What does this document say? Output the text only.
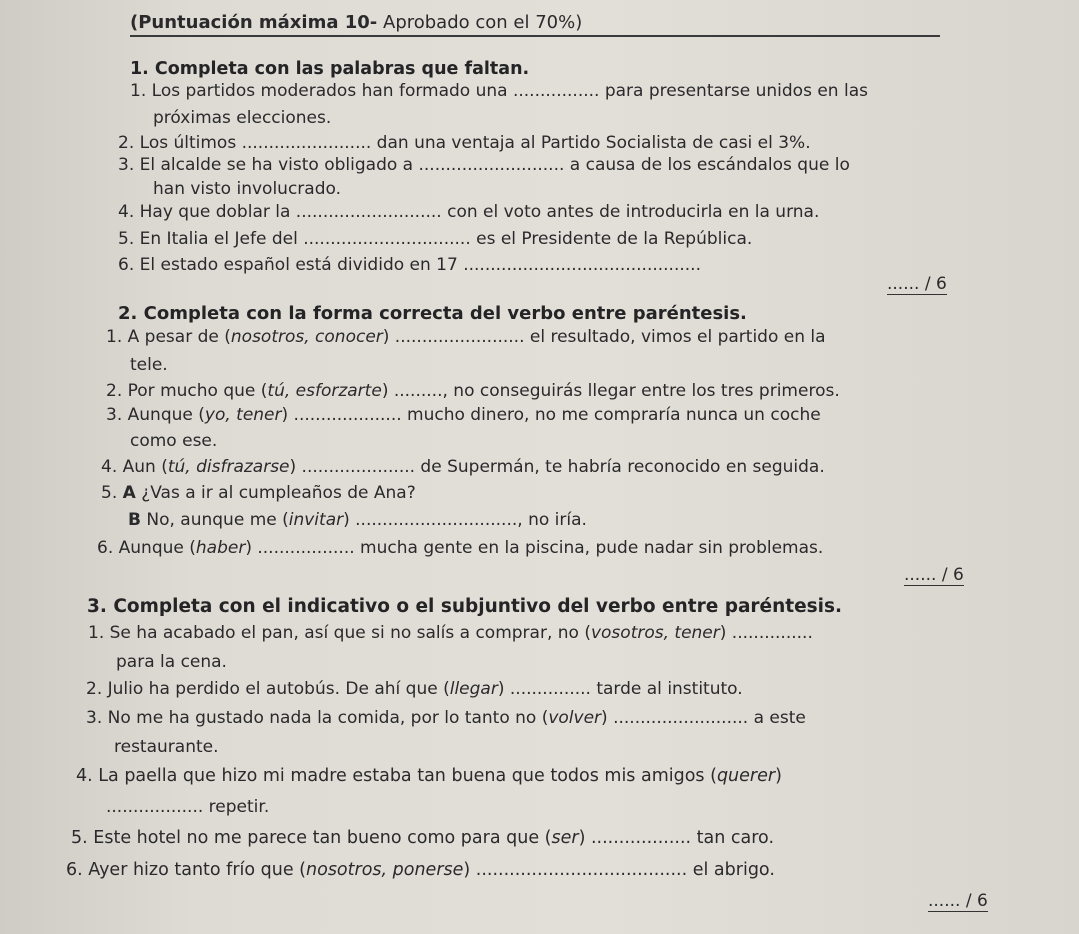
(Puntuación máxima 10- Aprobado con el 70%)
1. Completa con las palabras que faltan.
1. Los partidos moderados han formado una ................ para presentarse unidos en las
próximas elecciones.
2. Los últimos ........................ dan una ventaja al Partido Socialista de casi el 3%.
3. El alcalde se ha visto obligado a ........................... a causa de los escándalos que lo
han visto involucrado.
4. Hay que doblar la ........................... con el voto antes de introducirla en la urna.
5. En Italia el Jefe del ............................... es el Presidente de la República.
6. El estado español está dividido en 17 ............................................
...... / 6
2. Completa con la forma correcta del verbo entre paréntesis.
1. A pesar de (nosotros, conocer) ........................ el resultado, vimos el partido en la
tele.
2. Por mucho que (tú, esforzarte) ........., no conseguirás llegar entre los tres primeros.
3. Aunque (yo, tener) .................... mucho dinero, no me compraría nunca un coche
como ese.
4. Aun (tú, disfrazarse) ..................... de Supermán, te habría reconocido en seguida.
5. A ¿Vas a ir al cumpleaños de Ana?
B No, aunque me (invitar) .............................., no iría.
6. Aunque (haber) .................. mucha gente en la piscina, pude nadar sin problemas.
...... / 6
3. Completa con el indicativo o el subjuntivo del verbo entre paréntesis.
1. Se ha acabado el pan, así que si no salís a comprar, no (vosotros, tener) ...............
para la cena.
2. Julio ha perdido el autobús. De ahí que (llegar) ............... tarde al instituto.
3. No me ha gustado nada la comida, por lo tanto no (volver) ......................... a este
restaurante.
4. La paella que hizo mi madre estaba tan buena que todos mis amigos (querer)
.................. repetir.
5. Este hotel no me parece tan bueno como para que (ser) .................. tan caro.
6. Ayer hizo tanto frío que (nosotros, ponerse) ...................................... el abrigo.
...... / 6
